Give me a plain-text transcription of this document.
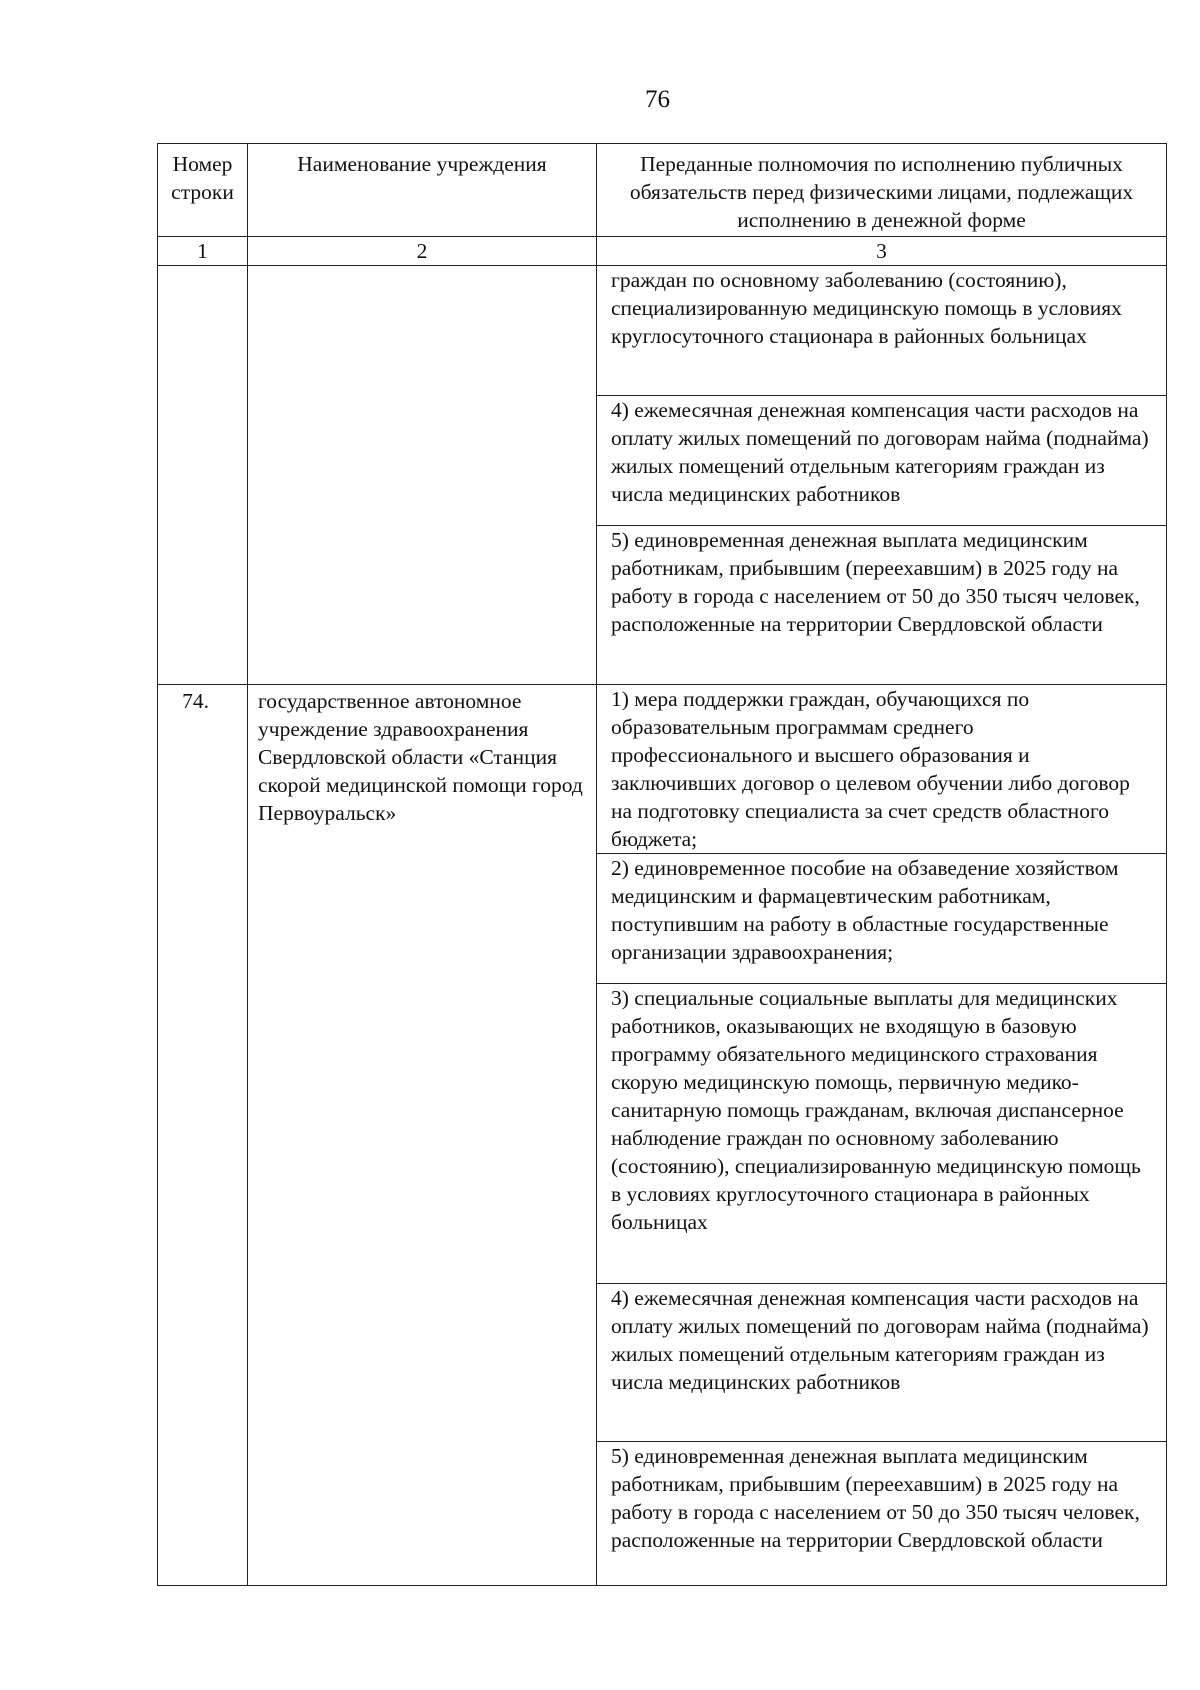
76
Номер строки	Наименование учреждения	Переданные полномочия по исполнению публичных обязательств перед физическими лицами, подлежащих исполнению в денежной форме
1	2	3
		граждан по основному заболеванию (состоянию), специализированную медицинскую помощь в условиях круглосуточного стационара в районных больницах
		4) ежемесячная денежная компенсация части расходов на оплату жилых помещений по договорам найма (поднайма) жилых помещений отдельным категориям граждан из числа медицинских работников
		5) единовременная денежная выплата медицинским работникам, прибывшим (переехавшим) в 2025 году на работу в города с населением от 50 до 350 тысяч человек, расположенные на территории Свердловской области
74.	государственное автономное учреждение здравоохранения Свердловской области «Станция скорой медицинской помощи город Первоуральск»	1) мера поддержки граждан, обучающихся по образовательным программам среднего профессионального и высшего образования и заключивших договор о целевом обучении либо договор на подготовку специалиста за счет средств областного бюджета;
		2) единовременное пособие на обзаведение хозяйством медицинским и фармацевтическим работникам, поступившим на работу в областные государственные организации здравоохранения;
		3) специальные социальные выплаты для медицинских работников, оказывающих не входящую в базовую программу обязательного медицинского страхования скорую медицинскую помощь, первичную медико-санитарную помощь гражданам, включая диспансерное наблюдение граждан по основному заболеванию (состоянию), специализированную медицинскую помощь в условиях круглосуточного стационара в районных больницах
		4) ежемесячная денежная компенсация части расходов на оплату жилых помещений по договорам найма (поднайма) жилых помещений отдельным категориям граждан из числа медицинских работников
		5) единовременная денежная выплата медицинским работникам, прибывшим (переехавшим) в 2025 году на работу в города с населением от 50 до 350 тысяч человек, расположенные на территории Свердловской области
